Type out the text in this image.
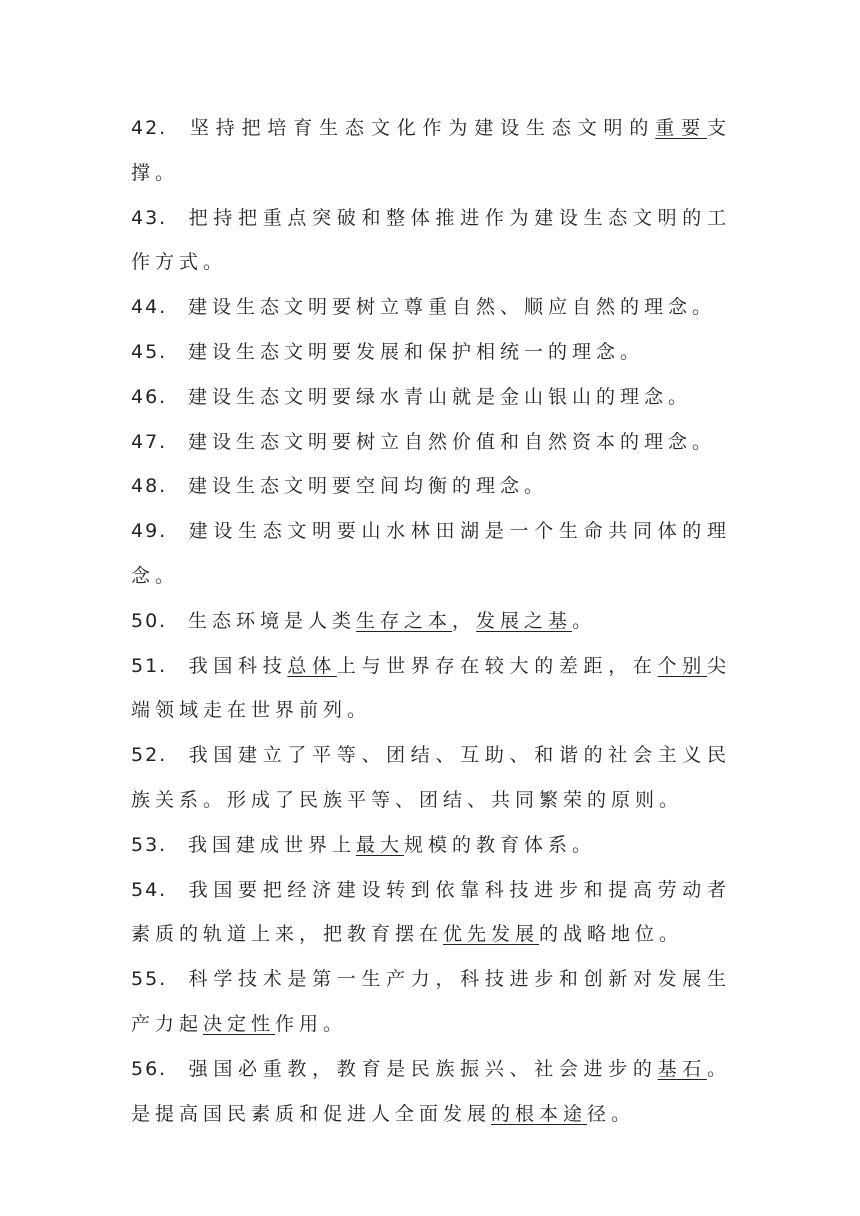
42. 坚持把培育生态文化作为建设生态文明的重要支撑。

43. 把持把重点突破和整体推进作为建设生态文明的工作方式。

44. 建设生态文明要树立尊重自然、顺应自然的理念。

45. 建设生态文明要发展和保护相统一的理念。

46. 建设生态文明要绿水青山就是金山银山的理念。

47. 建设生态文明要树立自然价值和自然资本的理念。

48. 建设生态文明要空间均衡的理念。

49. 建设生态文明要山水林田湖是一个生命共同体的理念。

50. 生态环境是人类生存之本，发展之基。

51. 我国科技总体上与世界存在较大的差距，在个别尖端领域走在世界前列。

52. 我国建立了平等、团结、互助、和谐的社会主义民族关系。形成了民族平等、团结、共同繁荣的原则。

53. 我国建成世界上最大规模的教育体系。

54. 我国要把经济建设转到依靠科技进步和提高劳动者素质的轨道上来，把教育摆在优先发展的战略地位。

55. 科学技术是第一生产力，科技进步和创新对发展生产力起决定性作用。

56. 强国必重教，教育是民族振兴、社会进步的基石。是提高国民素质和促进人全面发展的根本途径。
